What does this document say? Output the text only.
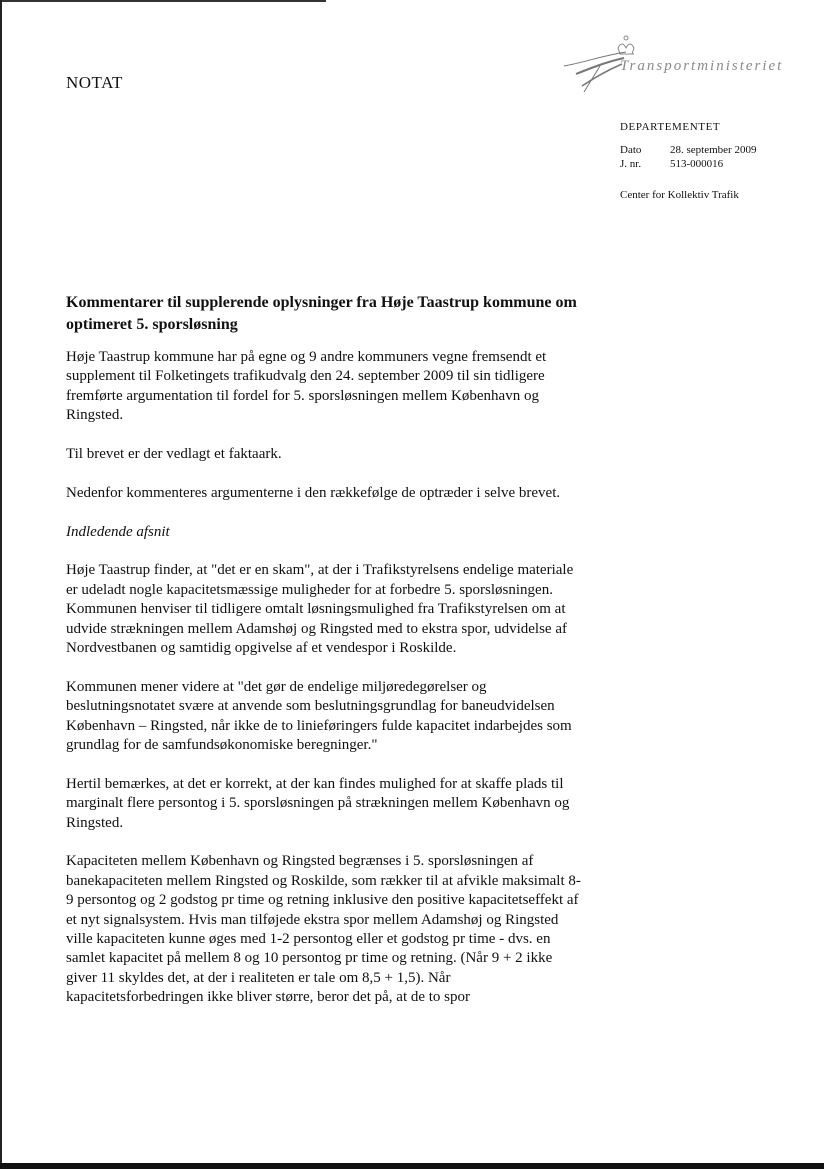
NOTAT
Transportministeriet
DEPARTEMENTET
Dato	28. september 2009
J. nr.	513-000016
Center for Kollektiv Trafik
Kommentarer til supplerende oplysninger fra Høje Taastrup kommune om optimeret 5. sporsløsning

Høje Taastrup kommune har på egne og 9 andre kommuners vegne fremsendt et supplement til Folketingets trafikudvalg den 24. september 2009 til sin tidligere fremførte argumentation til fordel for 5. sporsløsningen mellem København og Ringsted.

Til brevet er der vedlagt et faktaark.

Nedenfor kommenteres argumenterne i den rækkefølge de optræder i selve brevet.

Indledende afsnit

Høje Taastrup finder, at "det er en skam", at der i Trafikstyrelsens endelige materiale er udeladt nogle kapacitetsmæssige muligheder for at forbedre 5. sporsløsningen. Kommunen henviser til tidligere omtalt løsningsmulighed fra Trafikstyrelsen om at udvide strækningen mellem Adamshøj og Ringsted med to ekstra spor, udvidelse af Nordvestbanen og samtidig opgivelse af et vendespor i Roskilde.

Kommunen mener videre at "det gør de endelige miljøredegørelser og beslutningsnotatet svære at anvende som beslutningsgrundlag for baneudvidelsen København – Ringsted, når ikke de to linieføringers fulde kapacitet indarbejdes som grundlag for de samfundsøkonomiske beregninger."

Hertil bemærkes, at det er korrekt, at der kan findes mulighed for at skaffe plads til marginalt flere persontog i 5. sporsløsningen på strækningen mellem København og Ringsted.

Kapaciteten mellem København og Ringsted begrænses i 5. sporsløsningen af banekapaciteten mellem Ringsted og Roskilde, som rækker til at afvikle maksimalt 8-9 persontog og 2 godstog pr time og retning inklusive den positive kapacitetseffekt af et nyt signalsystem. Hvis man tilføjede ekstra spor mellem Adamshøj og Ringsted ville kapaciteten kunne øges med 1-2 persontog eller et godstog pr time - dvs. en samlet kapacitet på mellem 8 og 10 persontog pr time og retning. (Når 9 + 2 ikke giver 11 skyldes det, at der i realiteten er tale om 8,5 + 1,5). Når kapacitetsforbedringen ikke bliver større, beror det på, at de to spor
